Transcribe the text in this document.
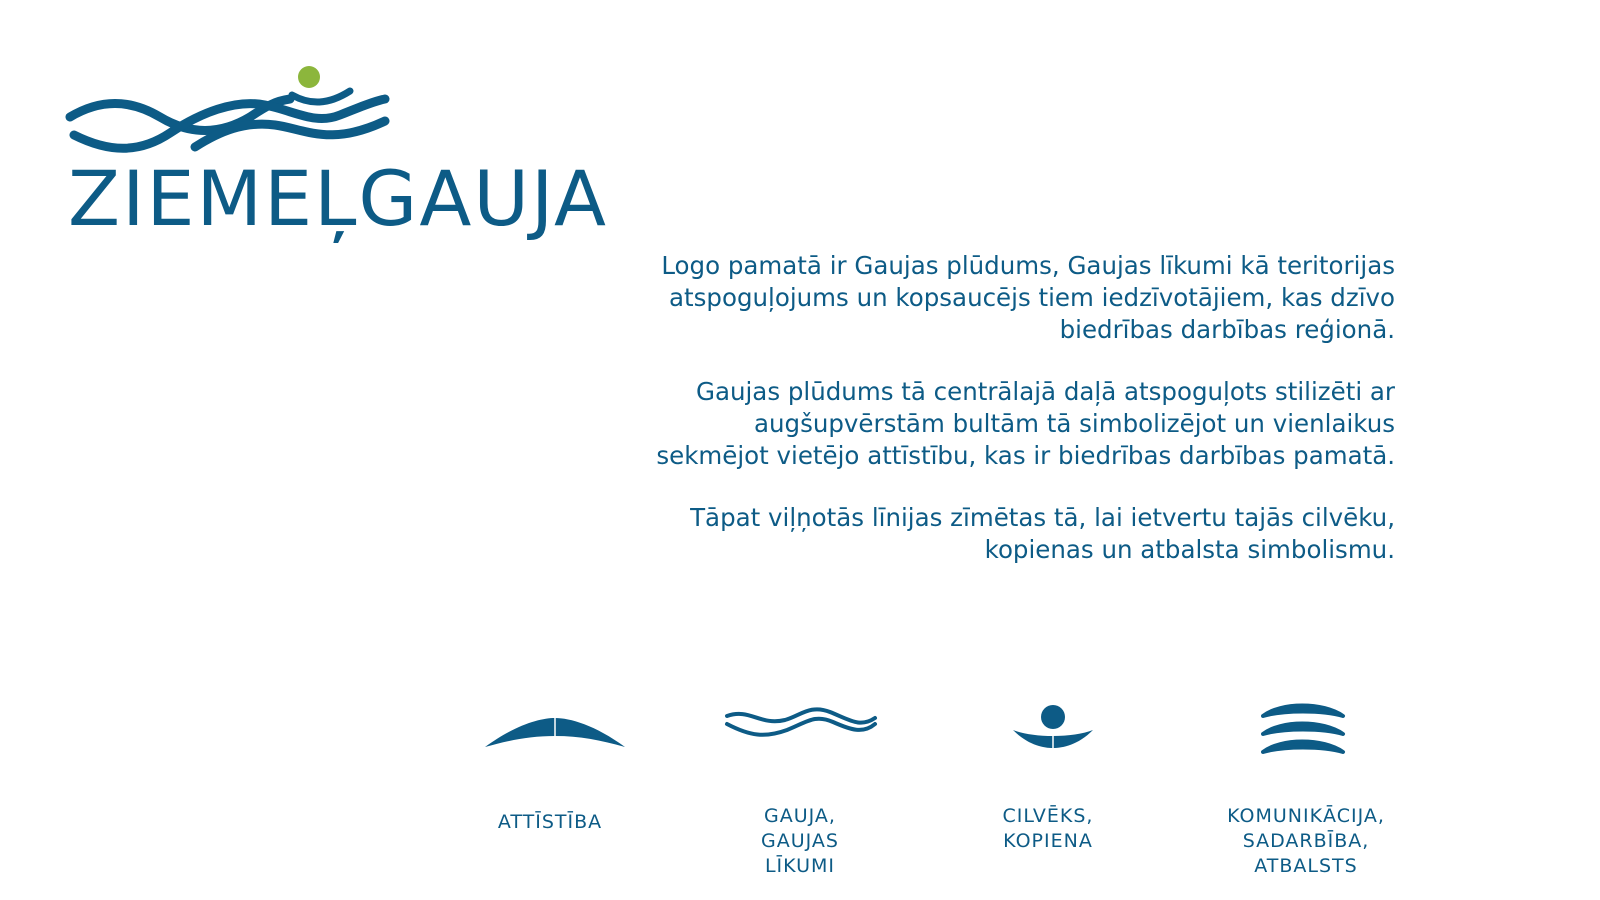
ZIEMEĻGAUJA

Logo pamatā ir Gaujas plūdums, Gaujas līkumi kā teritorijas atspoguļojums un kopsaucējs tiem iedzīvotājiem, kas dzīvo biedrības darbības reģionā.

Gaujas plūdums tā centrālajā daļā atspoguļots stilizēti ar augšupvērstām bultām tā simbolizējot un vienlaikus sekmējot vietējo attīstību, kas ir biedrības darbības pamatā.

Tāpat viļņotās līnijas zīmētas tā, lai ietvertu tajās cilvēku, kopienas un atbalsta simbolismu.

ATTĪSTĪBA	GAUJA,
GAUJAS
LĪKUMI
CILVĒKS,
KOPIENA
KOMUNIKĀCIJA,
SADARBĪBA,
ATBALSTS
